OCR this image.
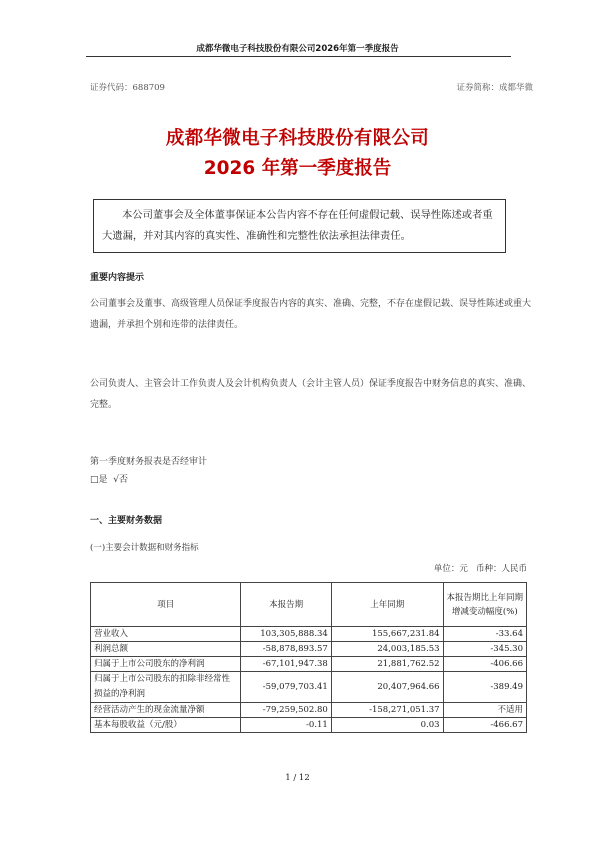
成都华微电子科技股份有限公司2026年第一季度报告
证券代码：688709	证券简称：成都华微
成都华微电子科技股份有限公司
2026 年第一季度报告
本公司董事会及全体董事保证本公告内容不存在任何虚假记载、误导性陈述或者重大遗漏，并对其内容的真实性、准确性和完整性依法承担法律责任。
重要内容提示
公司董事会及董事、高级管理人员保证季度报告内容的真实、准确、完整，不存在虚假记载、误导性陈述或重大遗漏，并承担个别和连带的法律责任。
公司负责人、主管会计工作负责人及会计机构负责人（会计主管人员）保证季度报告中财务信息的真实、准确、完整。
第一季度财务报表是否经审计
□是  √否
一、主要财务数据
(一)主要会计数据和财务指标
单位：元   币种：人民币
项目	本报告期	上年同期	本报告期比上年同期增减变动幅度(%)
营业收入	103,305,888.34	155,667,231.84	-33.64
利润总额	-58,878,893.57	24,003,185.53	-345.30
归属于上市公司股东的净利润	-67,101,947.38	21,881,762.52	-406.66
归属于上市公司股东的扣除非经常性损益的净利润	-59,079,703.41	20,407,964.66	-389.49
经营活动产生的现金流量净额	-79,259,502.80	-158,271,051.37	不适用
基本每股收益（元/股）	-0.11	0.03	-466.67
1 / 12
